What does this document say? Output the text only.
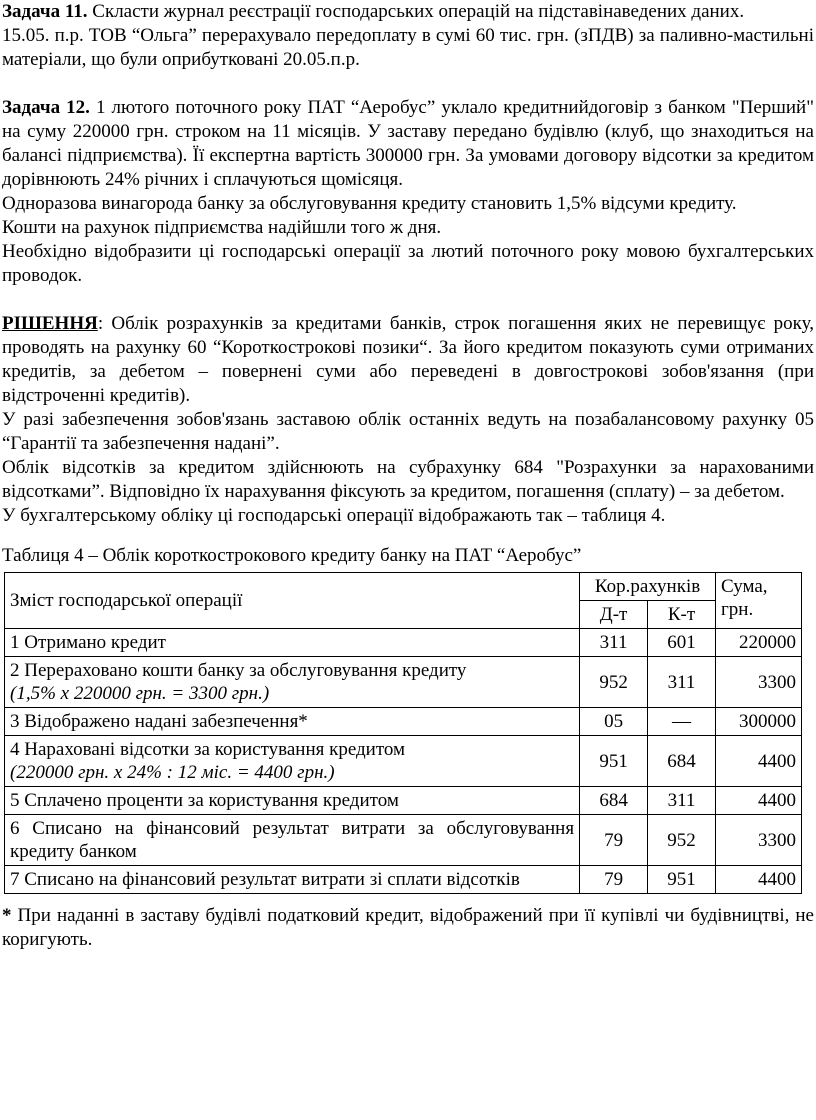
Задача 11. Скласти журнал реєстрації господарських операцій на підставінаведених даних.

15.05. п.р. ТОВ “Ольга” перерахувало передоплату в сумі 60 тис. грн. (зПДВ) за паливно-мастильні матеріали, що були оприбутковані 20.05.п.р.

Задача 12. 1 лютого поточного року ПАТ “Аеробус” уклало кредитнийдоговір з банком "Перший" на суму 220000 грн. строком на 11 місяців. У заставу передано будівлю (клуб, що знаходиться на балансі підприємства). Її експертна вартість 300000 грн. За умовами договору відсотки за кредитом дорівнюють 24% річних і сплачуються щомісяця.

Одноразова винагорода банку за обслуговування кредиту становить 1,5% відсуми кредиту.

Кошти на рахунок підприємства надійшли того ж дня.

Необхідно відобразити ці господарські операції за лютий поточного року мовою бухгалтерських проводок.

РІШЕННЯ: Облік розрахунків за кредитами банків, строк погашення яких не перевищує року, проводять на рахунку 60 “Короткострокові позики“. За його кредитом показують суми отриманих кредитів, за дебетом – повернені суми або переведені в довгострокові зобов'язання (при відстроченні кредитів).

У разі забезпечення зобов'язань заставою облік останніх ведуть на позабалансовому рахунку 05 “Гарантії та забезпечення надані”.

Облік відсотків за кредитом здійснюють на субрахунку 684 "Розрахунки за нарахованими відсотками”. Відповідно їх нарахування фіксують за кредитом, погашення (сплату) – за дебетом.

У бухгалтерському обліку ці господарські операції відображають так – таблиця 4.

Таблиця 4 – Облік короткострокового кредиту банку на ПАТ “Аеробус”

Зміст господарської операції	Кор.рахунків		Сума, грн.
	Д-т	К-т	
1 Отримано кредит	311	601	220000
2 Перераховано кошти банку за обслуговування кредиту
(1,5% x 220000 грн. = 3300 грн.)	952	311	3300
3 Відображено надані забезпечення*	05	—	300000
4 Нараховані відсотки за користування кредитом
(220000 грн. x 24% : 12 міс. = 4400 грн.)	951	684	4400
5 Сплачено проценти за користування кредитом	684	311	4400
6 Списано на фінансовий результат витрати за обслуговування кредиту банком	79	952	3300
7 Списано на фінансовий результат витрати зі сплати відсотків	79	951	4400

* При наданні в заставу будівлі податковий кредит, відображений при її купівлі чи будівництві, не коригують.
